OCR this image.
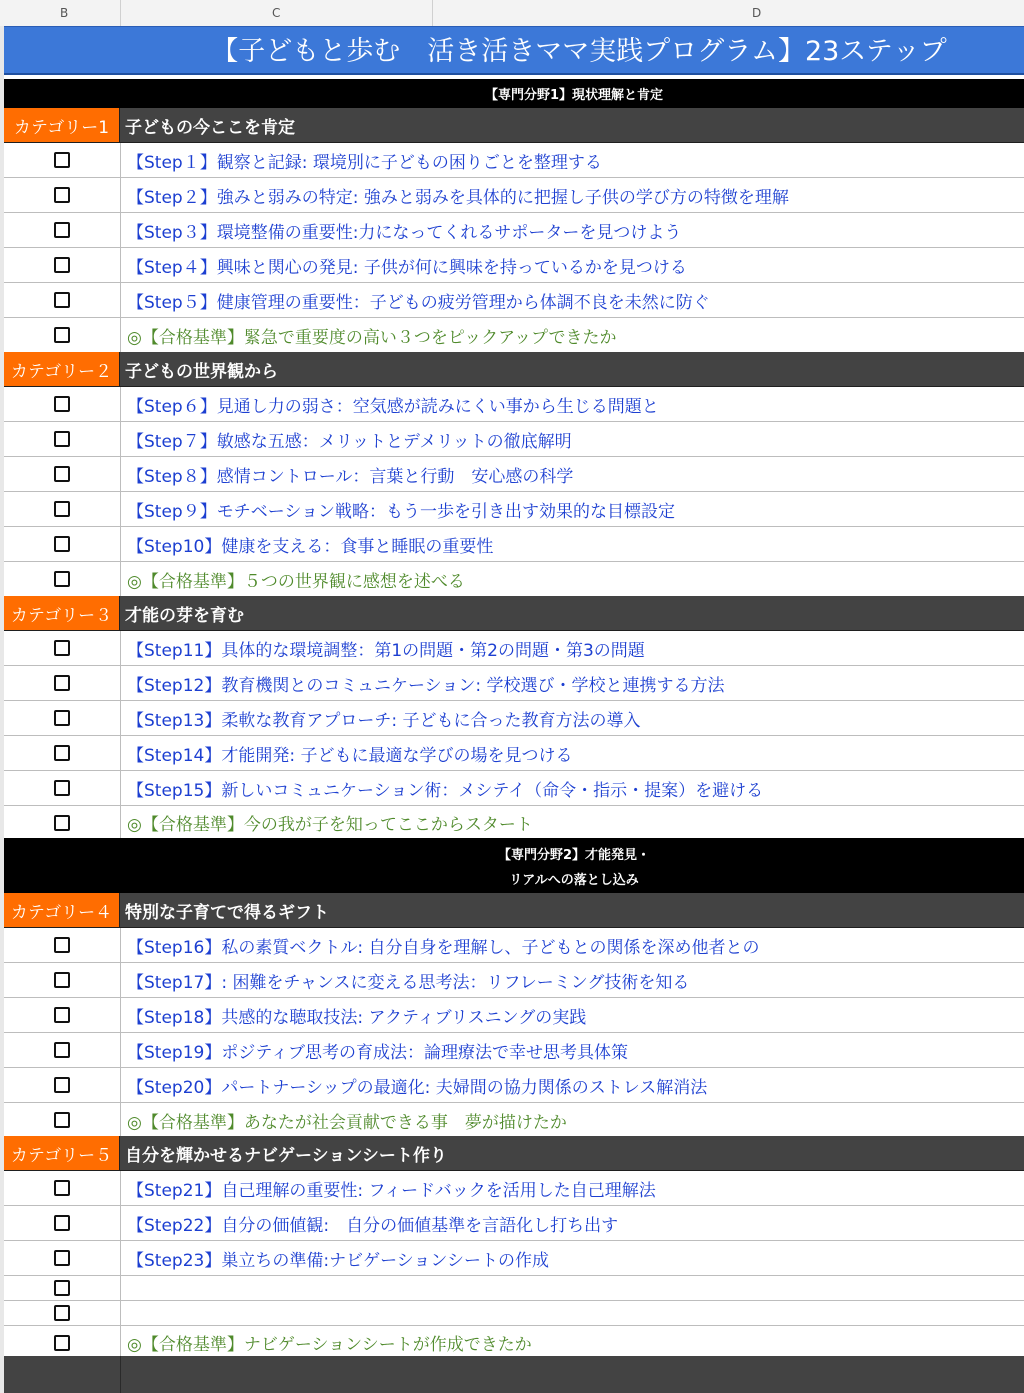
B	C	D
【子どもと歩む　活き活きママ実践プログラム】23ステップ
【専門分野1】現状理解と肯定
カテゴリー1 子どもの今ここを肯定
【Step１】観察と記録: 環境別に子どもの困りごとを整理する
【Step２】強みと弱みの特定: 強みと弱みを具体的に把握し子供の学び方の特徴を理解
【Step３】環境整備の重要性:力になってくれるサポーターを見つけよう
【Step４】興味と関心の発見: 子供が何に興味を持っているかを見つける
【Step５】健康管理の重要性：子どもの疲労管理から体調不良を未然に防ぐ
◎【合格基準】緊急で重要度の高い３つをピックアップできたか
カテゴリー２ 子どもの世界観から
【Step６】見通し力の弱さ：空気感が読みにくい事から生じる問題と
【Step７】敏感な五感：メリットとデメリットの徹底解明
【Step８】感情コントロール：言葉と行動　安心感の科学
【Step９】モチベーション戦略：もう一歩を引き出す効果的な目標設定
【Step10】健康を支える：食事と睡眠の重要性
◎【合格基準】５つの世界観に感想を述べる
カテゴリー３ 才能の芽を育む
【Step11】具体的な環境調整：第1の問題・第2の問題・第3の問題
【Step12】教育機関とのコミュニケーション: 学校選び・学校と連携する方法
【Step13】柔軟な教育アプローチ: 子どもに合った教育方法の導入
【Step14】才能開発: 子どもに最適な学びの場を見つける
【Step15】新しいコミュニケーション術：メシテイ（命令・指示・提案）を避ける
◎【合格基準】今の我が子を知ってここからスタート
【専門分野2】才能発見・
リアルへの落とし込み
カテゴリー４ 特別な子育てで得るギフト
【Step16】私の素質ベクトル: 自分自身を理解し、子どもとの関係を深め他者との
【Step17】: 困難をチャンスに変える思考法：リフレーミング技術を知る
【Step18】共感的な聴取技法: アクティブリスニングの実践
【Step19】ポジティブ思考の育成法：論理療法で幸せ思考具体策
【Step20】パートナーシップの最適化: 夫婦間の協力関係のストレス解消法
◎【合格基準】あなたが社会貢献できる事　夢が描けたか
カテゴリー５ 自分を輝かせるナビゲーションシート作り
【Step21】自己理解の重要性: フィードバックを活用した自己理解法
【Step22】自分の価値観:　自分の価値基準を言語化し打ち出す
【Step23】巣立ちの準備:ナビゲーションシートの作成
◎【合格基準】ナビゲーションシートが作成できたか
